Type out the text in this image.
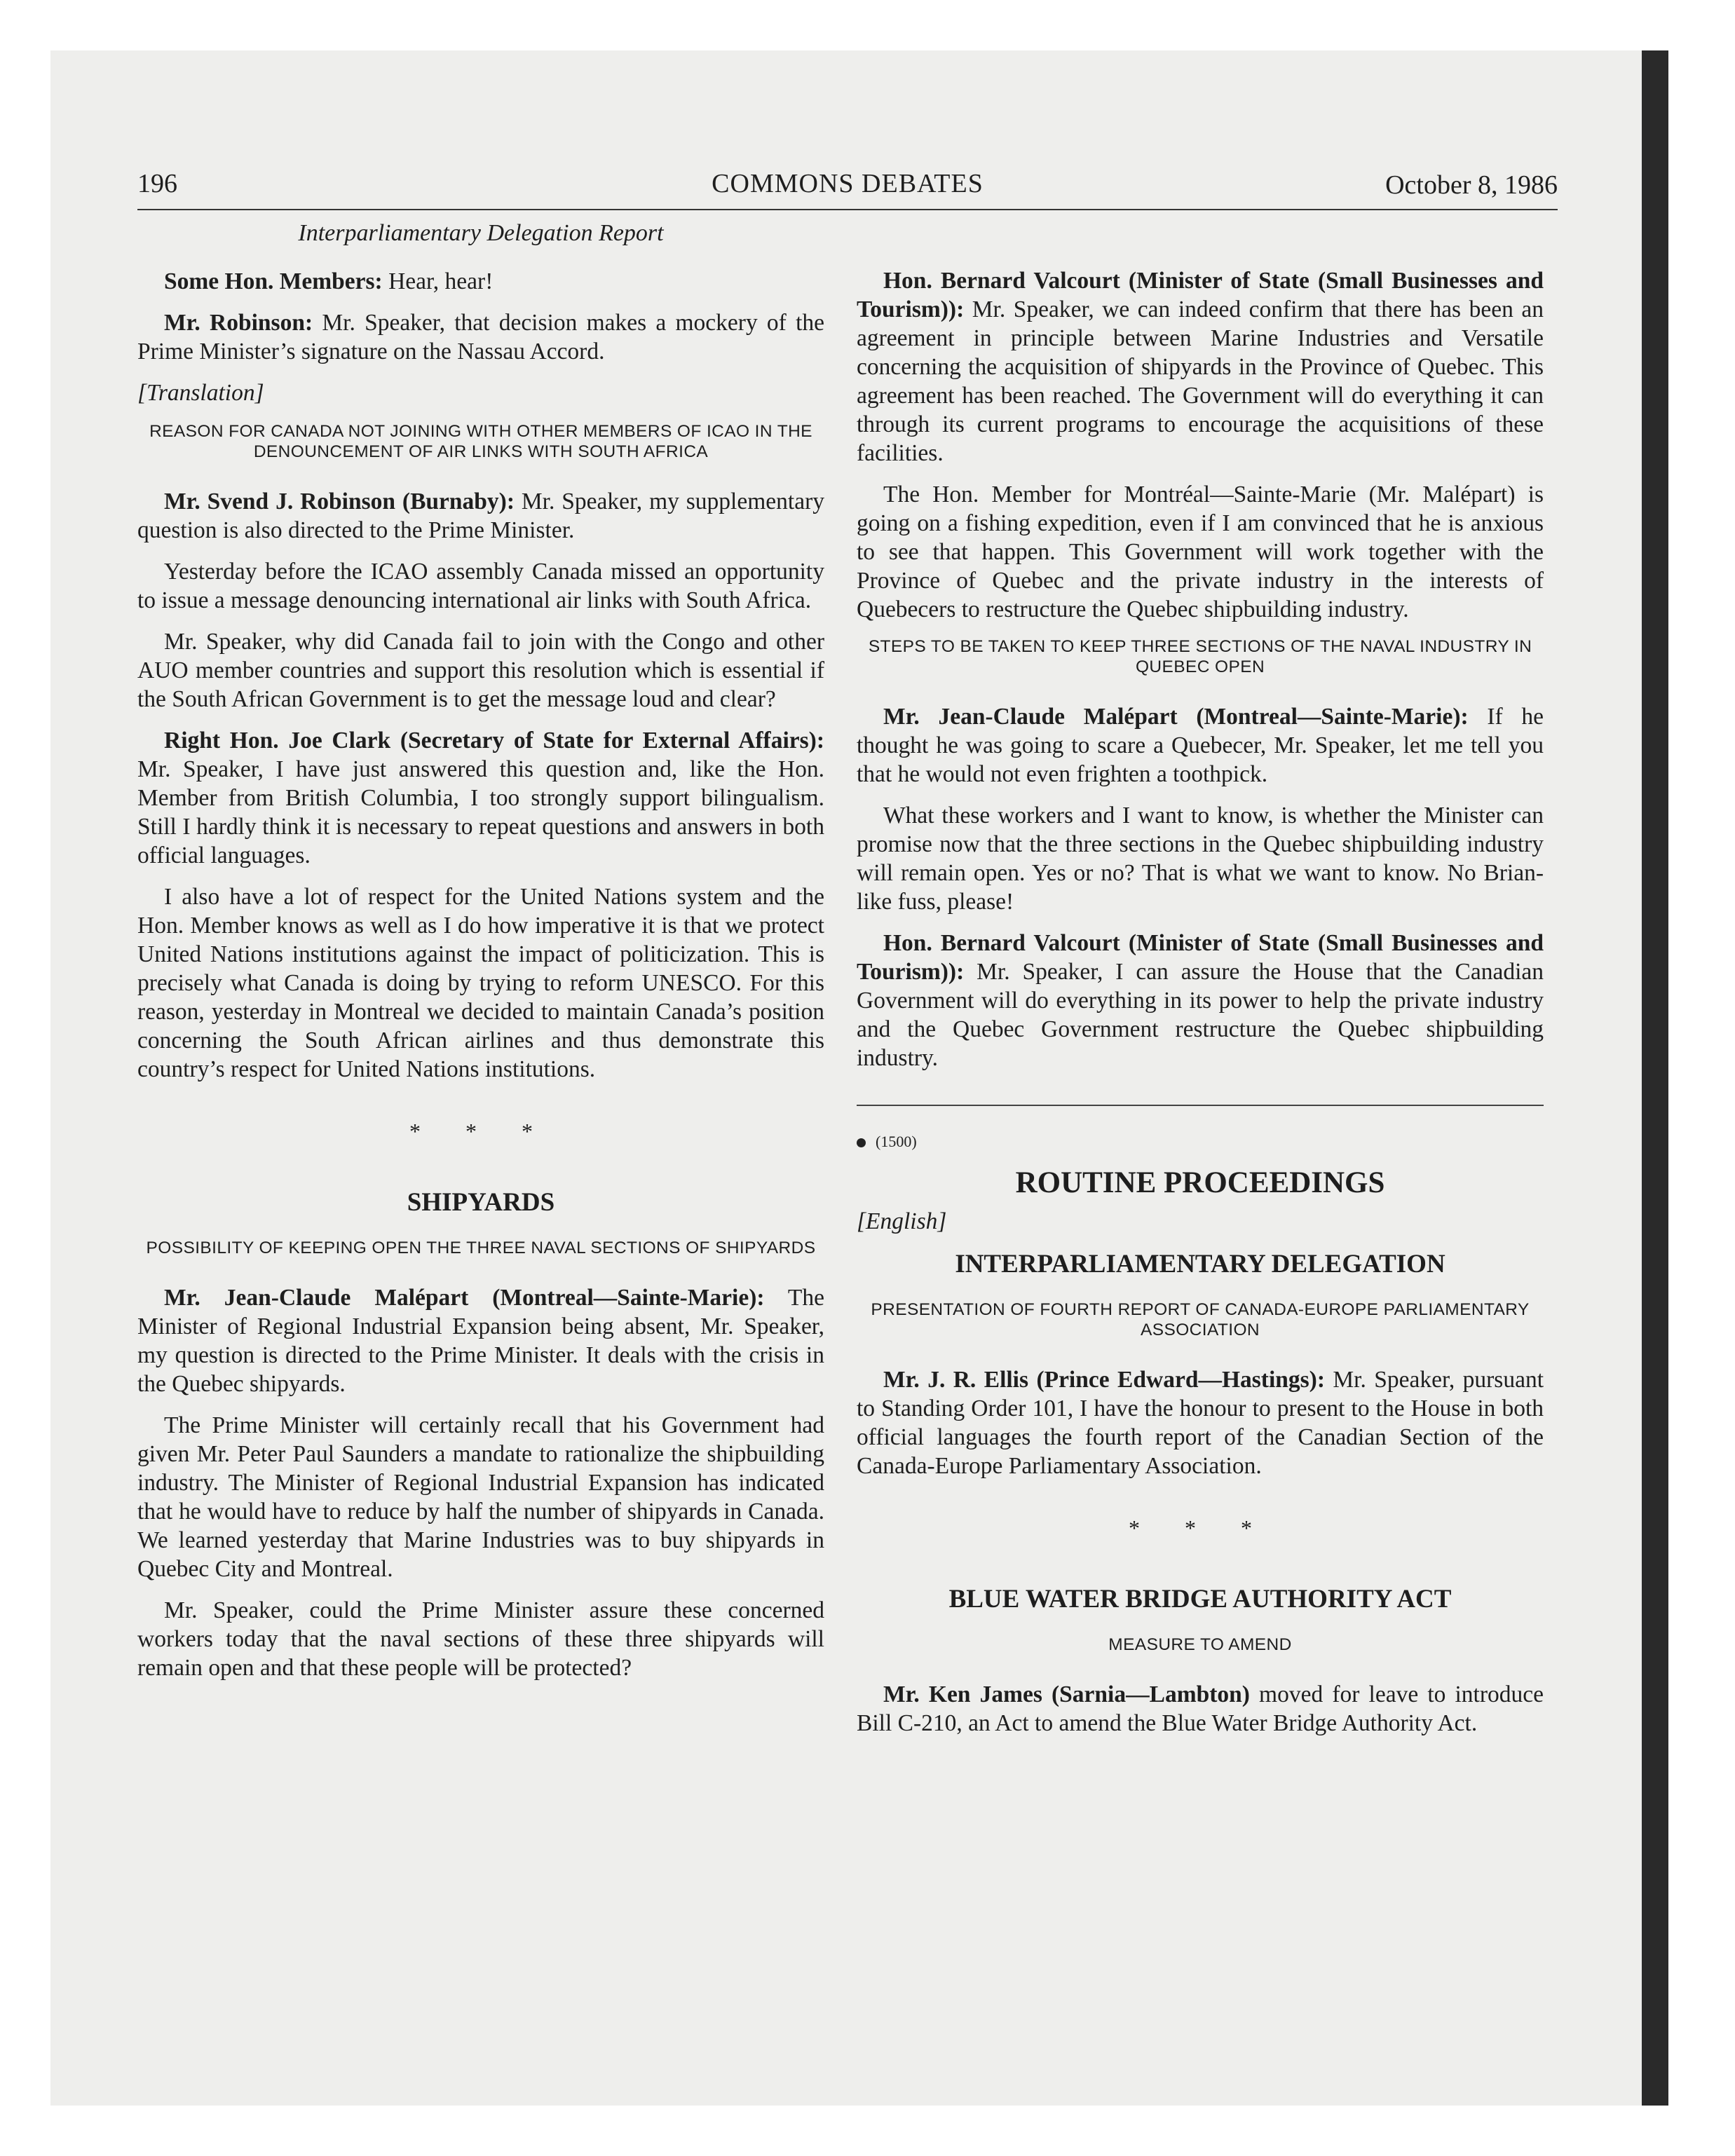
196	COMMONS DEBATES	October 8, 1986
Interparliamentary Delegation Report

Some Hon. Members: Hear, hear!

Mr. Robinson: Mr. Speaker, that decision makes a mockery of the Prime Minister’s signature on the Nassau Accord.

[Translation]

REASON FOR CANADA NOT JOINING WITH OTHER MEMBERS OF ICAO IN THE DENOUNCEMENT OF AIR LINKS WITH SOUTH AFRICA

Mr. Svend J. Robinson (Burnaby): Mr. Speaker, my supplementary question is also directed to the Prime Minister.

Yesterday before the ICAO assembly Canada missed an opportunity to issue a message denouncing international air links with South Africa.

Mr. Speaker, why did Canada fail to join with the Congo and other AUO member countries and support this resolution which is essential if the South African Government is to get the message loud and clear?

Right Hon. Joe Clark (Secretary of State for External Affairs): Mr. Speaker, I have just answered this question and, like the Hon. Member from British Columbia, I too strongly support bilingualism. Still I hardly think it is necessary to repeat questions and answers in both official languages.

I also have a lot of respect for the United Nations system and the Hon. Member knows as well as I do how imperative it is that we protect United Nations institutions against the impact of politicization. This is precisely what Canada is doing by trying to reform UNESCO. For this reason, yesterday in Montreal we decided to maintain Canada’s position concerning the South African airlines and thus demonstrate this country’s respect for United Nations institutions.

* * *
SHIPYARDS
POSSIBILITY OF KEEPING OPEN THE THREE NAVAL SECTIONS OF SHIPYARDS

Mr. Jean-Claude Malépart (Montreal—Sainte-Marie): The Minister of Regional Industrial Expansion being absent, Mr. Speaker, my question is directed to the Prime Minister. It deals with the crisis in the Quebec shipyards.

The Prime Minister will certainly recall that his Government had given Mr. Peter Paul Saunders a mandate to rationalize the shipbuilding industry. The Minister of Regional Industrial Expansion has indicated that he would have to reduce by half the number of shipyards in Canada. We learned yesterday that Marine Industries was to buy shipyards in Quebec City and Montreal.

Mr. Speaker, could the Prime Minister assure these concerned workers today that the naval sections of these three shipyards will remain open and that these people will be protected?

Hon. Bernard Valcourt (Minister of State (Small Businesses and Tourism)): Mr. Speaker, we can indeed confirm that there has been an agreement in principle between Marine Industries and Versatile concerning the acquisition of shipyards in the Province of Quebec. This agreement has been reached. The Government will do everything it can through its current programs to encourage the acquisitions of these facilities.

The Hon. Member for Montréal—Sainte-Marie (Mr. Malépart) is going on a fishing expedition, even if I am convinced that he is anxious to see that happen. This Government will work together with the Province of Quebec and the private industry in the interests of Quebecers to restructure the Quebec shipbuilding industry.

STEPS TO BE TAKEN TO KEEP THREE SECTIONS OF THE NAVAL INDUSTRY IN QUEBEC OPEN

Mr. Jean-Claude Malépart (Montreal—Sainte-Marie): If he thought he was going to scare a Quebecer, Mr. Speaker, let me tell you that he would not even frighten a toothpick.

What these workers and I want to know, is whether the Minister can promise now that the three sections in the Quebec shipbuilding industry will remain open. Yes or no? That is what we want to know. No Brian-like fuss, please!

Hon. Bernard Valcourt (Minister of State (Small Businesses and Tourism)): Mr. Speaker, I can assure the House that the Canadian Government will do everything in its power to help the private industry and the Quebec Government restructure the Quebec shipbuilding industry.

(1500)
ROUTINE PROCEEDINGS

[English]

INTERPARLIAMENTARY DELEGATION
PRESENTATION OF FOURTH REPORT OF CANADA-EUROPE PARLIAMENTARY ASSOCIATION

Mr. J. R. Ellis (Prince Edward—Hastings): Mr. Speaker, pursuant to Standing Order 101, I have the honour to present to the House in both official languages the fourth report of the Canadian Section of the Canada-Europe Parliamentary Association.

* * *
BLUE WATER BRIDGE AUTHORITY ACT
MEASURE TO AMEND

Mr. Ken James (Sarnia—Lambton) moved for leave to introduce Bill C-210, an Act to amend the Blue Water Bridge Authority Act.
